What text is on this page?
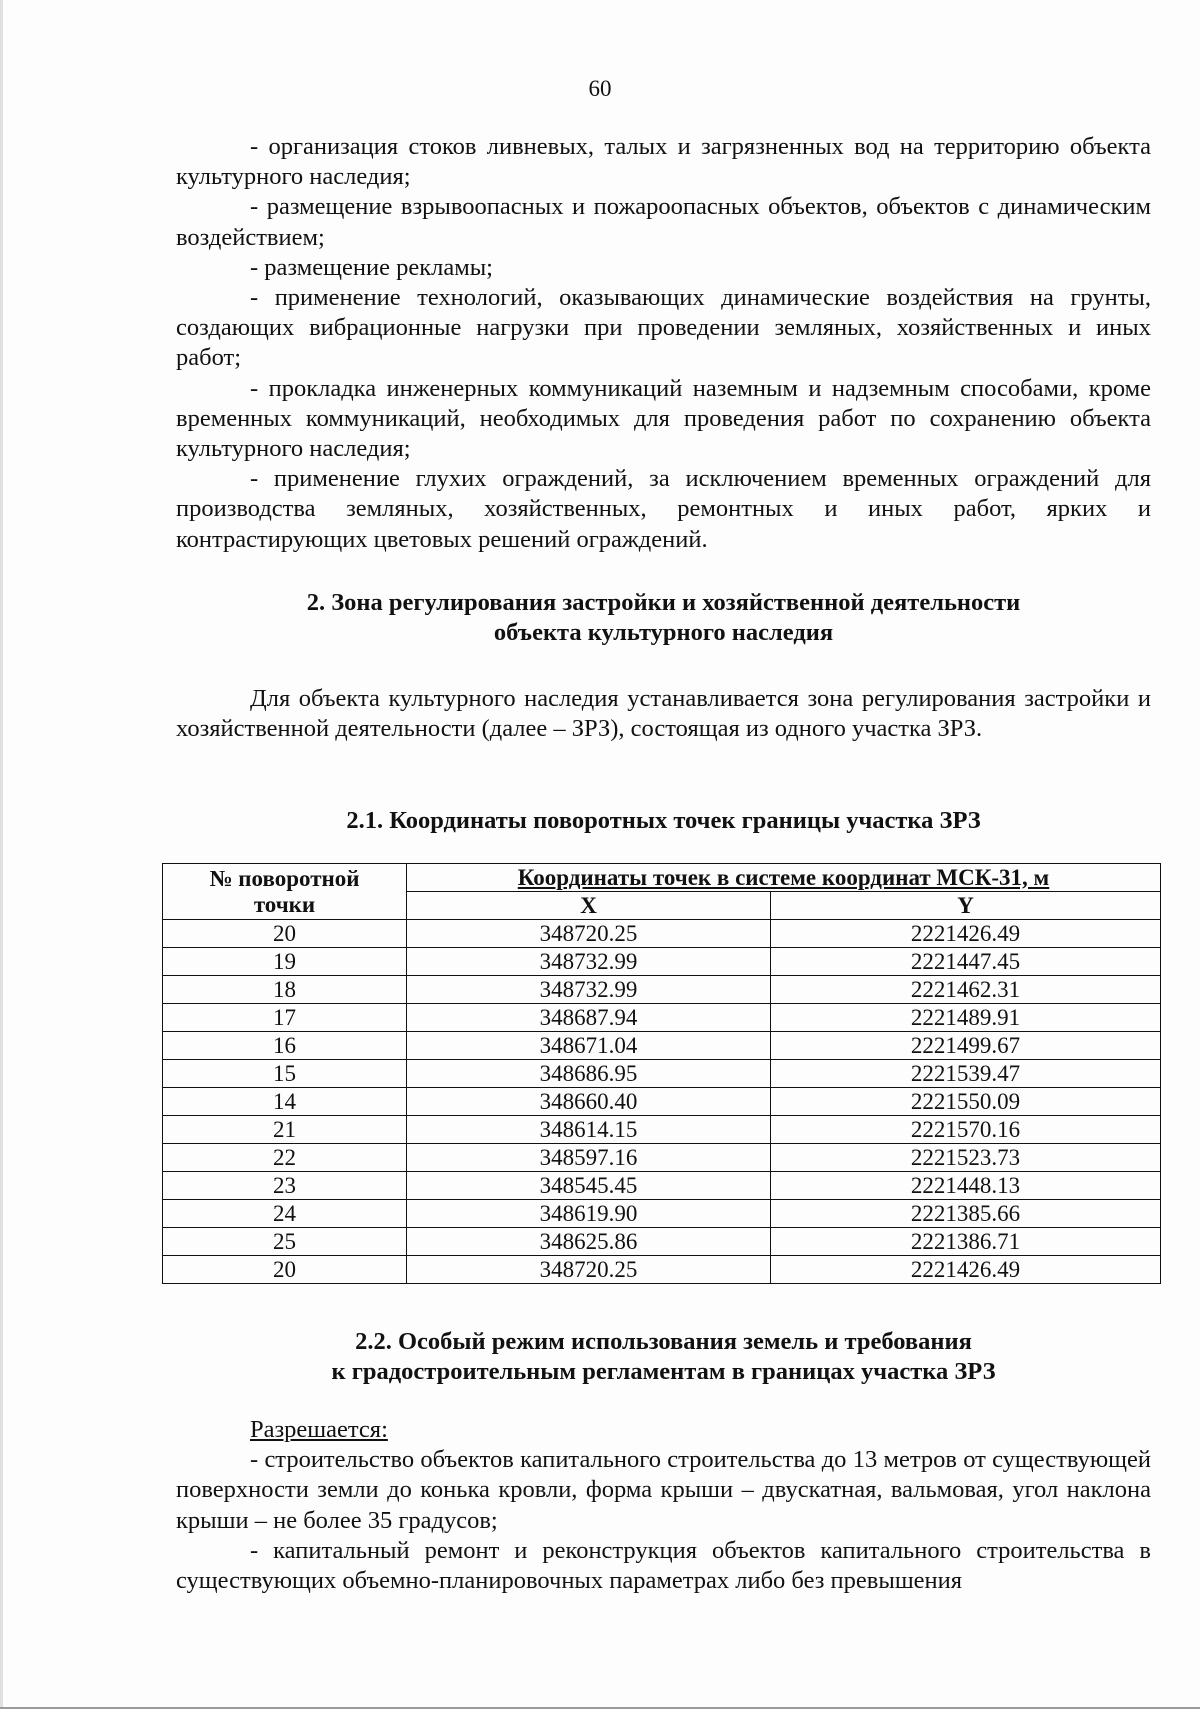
60

- организация стоков ливневых, талых и загрязненных вод на территорию объекта культурного наследия;

- размещение взрывоопасных и пожароопасных объектов, объектов с динамическим воздействием;

- размещение рекламы;

- применение технологий, оказывающих динамические воздействия на грунты, создающих вибрационные нагрузки при проведении земляных, хозяйственных и иных работ;

- прокладка инженерных коммуникаций наземным и надземным способами, кроме временных коммуникаций, необходимых для проведения работ по сохранению объекта культурного наследия;

- применение глухих ограждений, за исключением временных ограждений для производства земляных, хозяйственных, ремонтных и иных работ, ярких и контрастирующих цветовых решений ограждений.

2. Зона регулирования застройки и хозяйственной деятельности

объекта культурного наследия

Для объекта культурного наследия устанавливается зона регулирования застройки и хозяйственной деятельности (далее – ЗРЗ), состоящая из одного участка ЗРЗ.

2.1. Координаты поворотных точек границы участка ЗРЗ

№ поворотной
точки	Координаты точек в системе координат МСК-31, м	
	X	Y
20	348720.25	2221426.49
19	348732.99	2221447.45
18	348732.99	2221462.31
17	348687.94	2221489.91
16	348671.04	2221499.67
15	348686.95	2221539.47
14	348660.40	2221550.09
21	348614.15	2221570.16
22	348597.16	2221523.73
23	348545.45	2221448.13
24	348619.90	2221385.66
25	348625.86	2221386.71
20	348720.25	2221426.49

2.2. Особый режим использования земель и требования

к градостроительным регламентам в границах участка ЗРЗ

Разрешается:

- строительство объектов капитального строительства до 13 метров от существующей поверхности земли до конька кровли, форма крыши – двускатная, вальмовая, угол наклона крыши – не более 35 градусов;

- капитальный ремонт и реконструкция объектов капитального строительства в существующих объемно-планировочных параметрах либо без превышения
